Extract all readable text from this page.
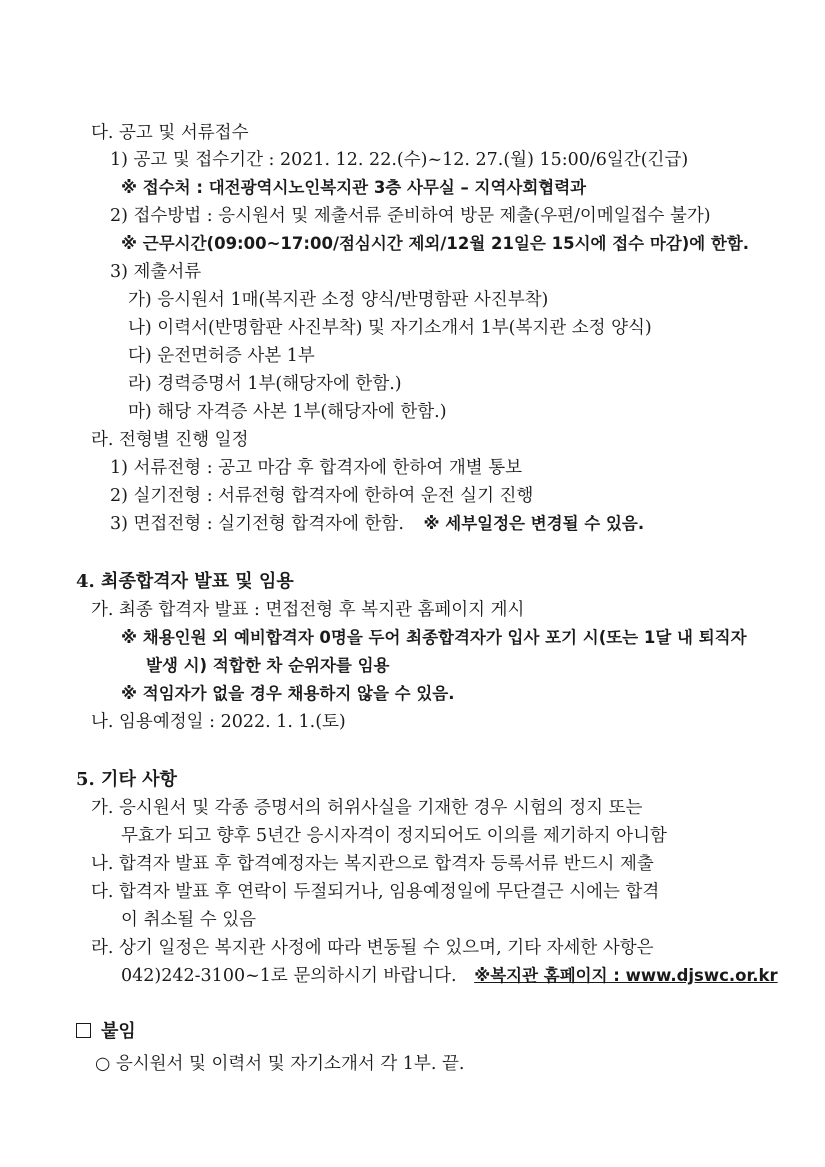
다. 공고 및 서류접수
1) 공고 및 접수기간 : 2021. 12. 22.(수)~12. 27.(월) 15:00/6일간(긴급)
※ 접수처 : 대전광역시노인복지관 3층 사무실 – 지역사회협력과
2) 접수방법 : 응시원서 및 제출서류 준비하여 방문 제출(우편/이메일접수 불가)
※ 근무시간(09:00~17:00/점심시간 제외/12월 21일은 15시에 접수 마감)에 한함.
3) 제출서류
가) 응시원서 1매(복지관 소정 양식/반명함판 사진부착)
나) 이력서(반명함판 사진부착) 및 자기소개서 1부(복지관 소정 양식)
다) 운전면허증 사본 1부
라) 경력증명서 1부(해당자에 한함.)
마) 해당 자격증 사본 1부(해당자에 한함.)
라. 전형별 진행 일정
1) 서류전형 : 공고 마감 후 합격자에 한하여 개별 통보
2) 실기전형 : 서류전형 합격자에 한하여 운전 실기 진행
3) 면접전형 : 실기전형 합격자에 한함. ※ 세부일정은 변경될 수 있음.
4. 최종합격자 발표 및 임용
가. 최종 합격자 발표 : 면접전형 후 복지관 홈페이지 게시
※ 채용인원 외 예비합격자 0명을 두어 최종합격자가 입사 포기 시(또는 1달 내 퇴직자
발생 시) 적합한 차 순위자를 임용
※ 적임자가 없을 경우 채용하지 않을 수 있음.
나. 임용예정일 : 2022. 1. 1.(토)
5. 기타 사항
가. 응시원서 및 각종 증명서의 허위사실을 기재한 경우 시험의 정지 또는
무효가 되고 향후 5년간 응시자격이 정지되어도 이의를 제기하지 아니함
나. 합격자 발표 후 합격예정자는 복지관으로 합격자 등록서류 반드시 제출
다. 합격자 발표 후 연락이 두절되거나, 임용예정일에 무단결근 시에는 합격
이 취소될 수 있음
라. 상기 일정은 복지관 사정에 따라 변동될 수 있으며, 기타 자세한 사항은
042)242-3100~1로 문의하시기 바랍니다. ※복지관 홈페이지 : www.djswc.or.kr
붙임
○ 응시원서 및 이력서 및 자기소개서 각 1부. 끝.
